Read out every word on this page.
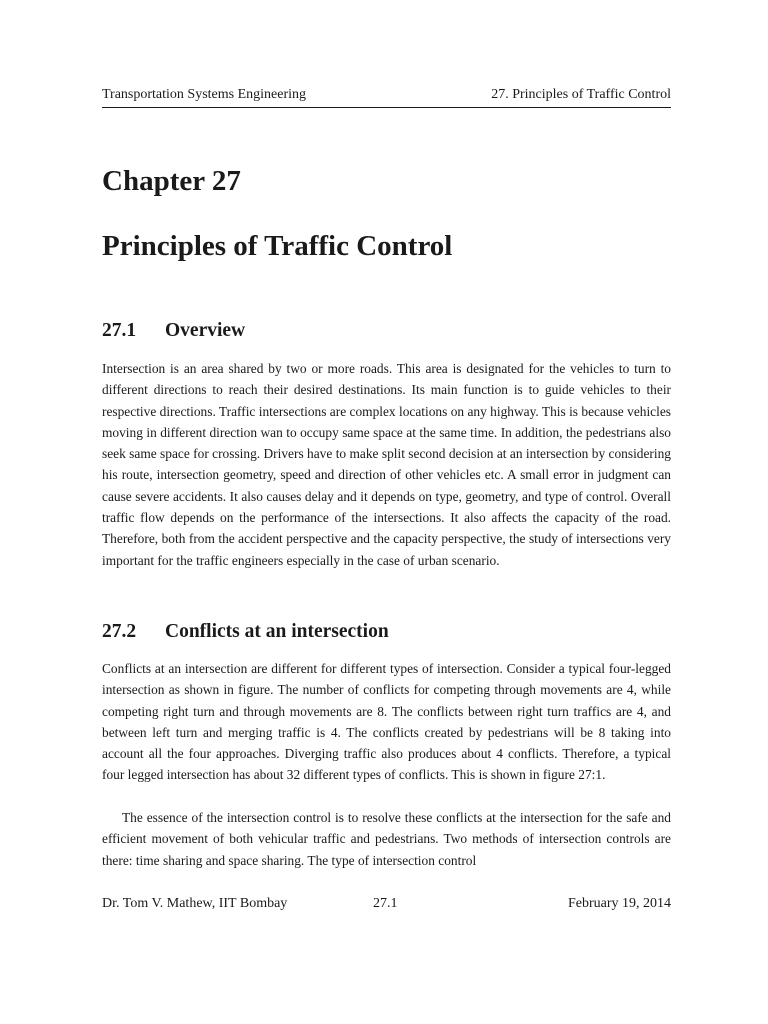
Transportation Systems Engineering	27. Principles of Traffic Control
Chapter 27
Principles of Traffic Control
27.1	Overview

Intersection is an area shared by two or more roads. This area is designated for the vehicles to turn to different directions to reach their desired destinations. Its main function is to guide vehicles to their respective directions. Traffic intersections are complex locations on any highway. This is because vehicles moving in different direction wan to occupy same space at the same time. In addition, the pedestrians also seek same space for crossing. Drivers have to make split second decision at an intersection by considering his route, intersection geometry, speed and direction of other vehicles etc. A small error in judgment can cause severe accidents. It also causes delay and it depends on type, geometry, and type of control. Overall traffic flow depends on the performance of the intersections. It also affects the capacity of the road. Therefore, both from the accident perspective and the capacity perspective, the study of intersections very important for the traffic engineers especially in the case of urban scenario.

27.2	Conflicts at an intersection

Conflicts at an intersection are different for different types of intersection. Consider a typical four-legged intersection as shown in figure. The number of conflicts for competing through movements are 4, while competing right turn and through movements are 8. The conflicts between right turn traffics are 4, and between left turn and merging traffic is 4. The conflicts created by pedestrians will be 8 taking into account all the four approaches. Diverging traffic also produces about 4 conflicts. Therefore, a typical four legged intersection has about 32 different types of conflicts. This is shown in figure 27:1.

The essence of the intersection control is to resolve these conflicts at the intersection for the safe and efficient movement of both vehicular traffic and pedestrians. Two methods of intersection controls are there: time sharing and space sharing. The type of intersection control

Dr. Tom V. Mathew, IIT Bombay	27.1	February 19, 2014
